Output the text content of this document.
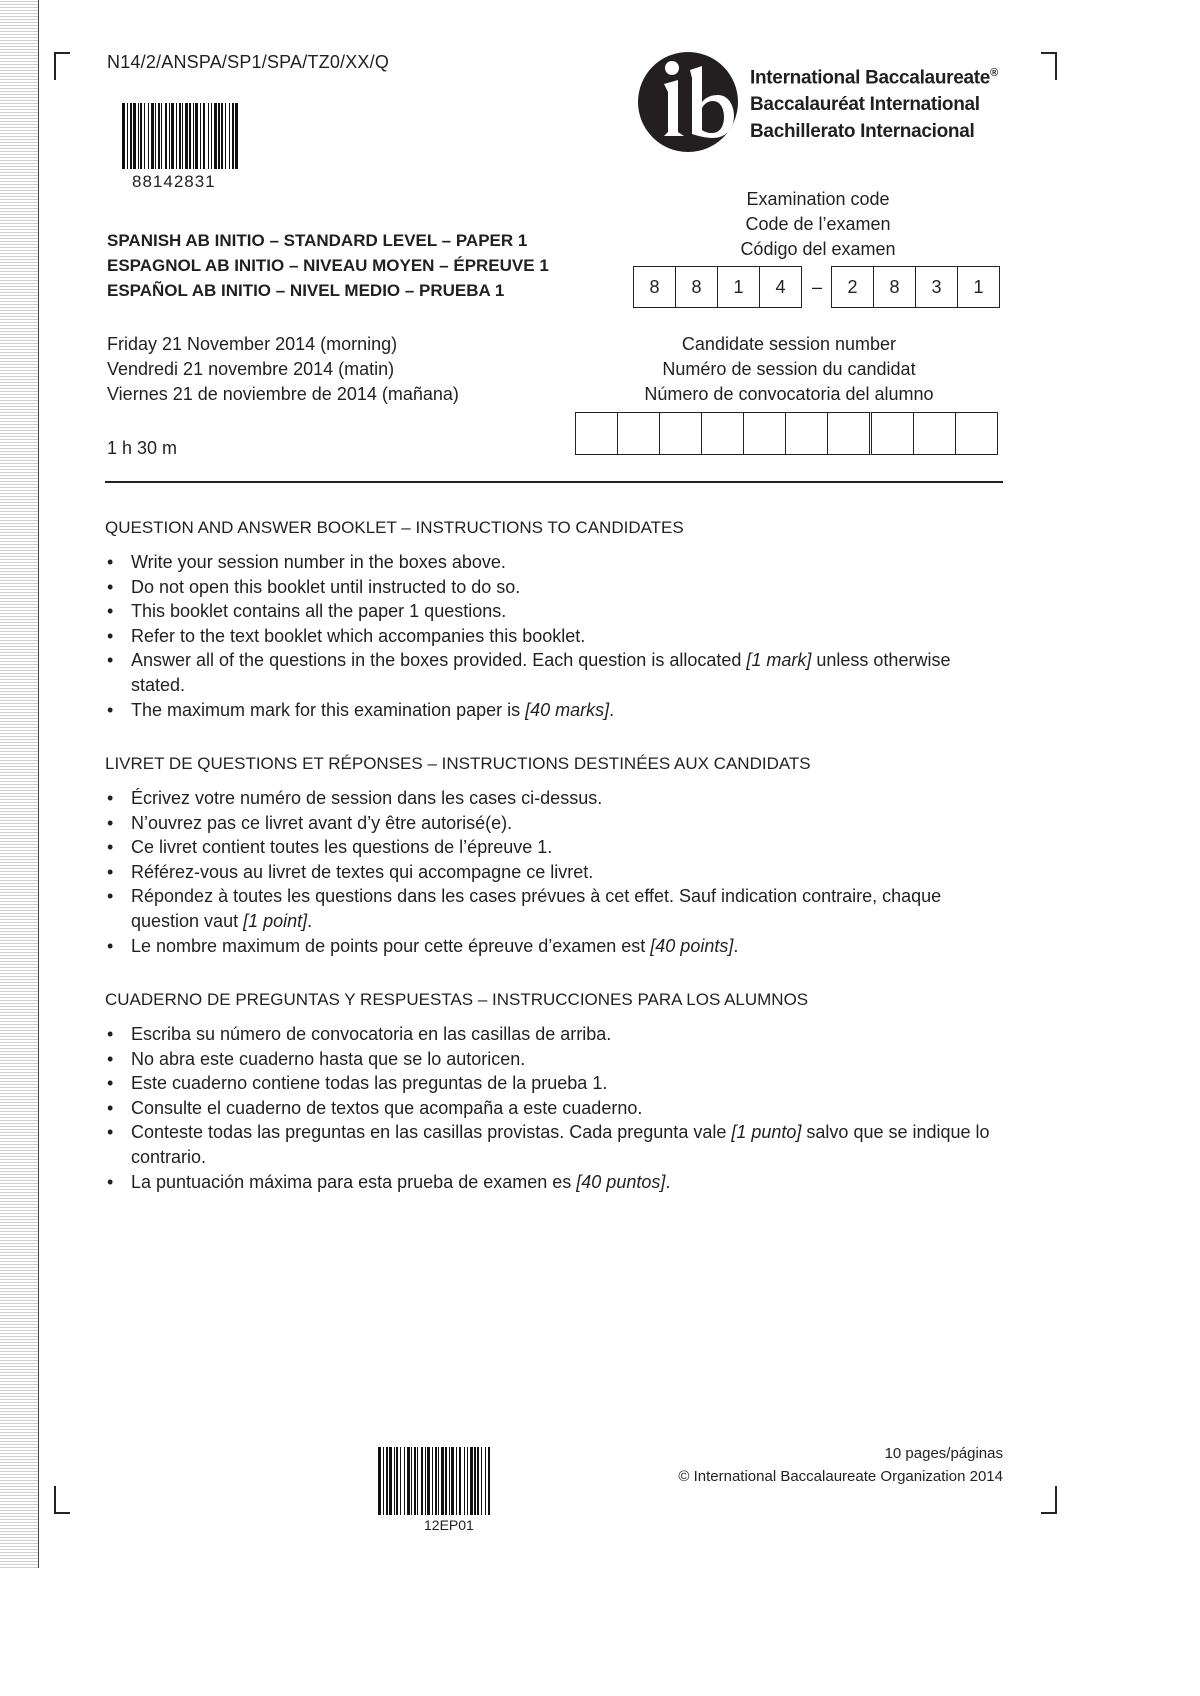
N14/2/ANSPA/SP1/SPA/TZ0/XX/Q
88142831
International Baccalaureate®
Baccalauréat International
Bachillerato Internacional
Examination code
Code de l’examen
Código del examen
8	8	1	4	–	2	8	3	1
SPANISH AB INITIO – STANDARD LEVEL – PAPER 1
ESPAGNOL AB INITIO – NIVEAU MOYEN – ÉPREUVE 1
ESPAÑOL AB INITIO – NIVEL MEDIO – PRUEBA 1
Friday 21 November 2014 (morning)
Vendredi 21 novembre 2014 (matin)
Viernes 21 de noviembre de 2014 (mañana)
1 h 30 m
Candidate session number
Numéro de session du candidat
Número de convocatoria del alumno
QUESTION AND ANSWER BOOKLET – INSTRUCTIONS TO CANDIDATES
• Write your session number in the boxes above.
• Do not open this booklet until instructed to do so.
• This booklet contains all the paper 1 questions.
• Refer to the text booklet which accompanies this booklet.
• Answer all of the questions in the boxes provided. Each question is allocated [1 mark] unless otherwise stated.
• The maximum mark for this examination paper is [40 marks].
LIVRET DE QUESTIONS ET RÉPONSES – INSTRUCTIONS DESTINÉES AUX CANDIDATS
• Écrivez votre numéro de session dans les cases ci-dessus.
• N’ouvrez pas ce livret avant d’y être autorisé(e).
• Ce livret contient toutes les questions de l’épreuve 1.
• Référez-vous au livret de textes qui accompagne ce livret.
• Répondez à toutes les questions dans les cases prévues à cet effet. Sauf indication contraire, chaque question vaut [1 point].
• Le nombre maximum de points pour cette épreuve d’examen est [40 points].
CUADERNO DE PREGUNTAS Y RESPUESTAS – INSTRUCCIONES PARA LOS ALUMNOS
• Escriba su número de convocatoria en las casillas de arriba.
• No abra este cuaderno hasta que se lo autoricen.
• Este cuaderno contiene todas las preguntas de la prueba 1.
• Consulte el cuaderno de textos que acompaña a este cuaderno.
• Conteste todas las preguntas en las casillas provistas. Cada pregunta vale [1 punto] salvo que se indique lo contrario.
• La puntuación máxima para esta prueba de examen es [40 puntos].
12EP01
10 pages/páginas
© International Baccalaureate Organization 2014
